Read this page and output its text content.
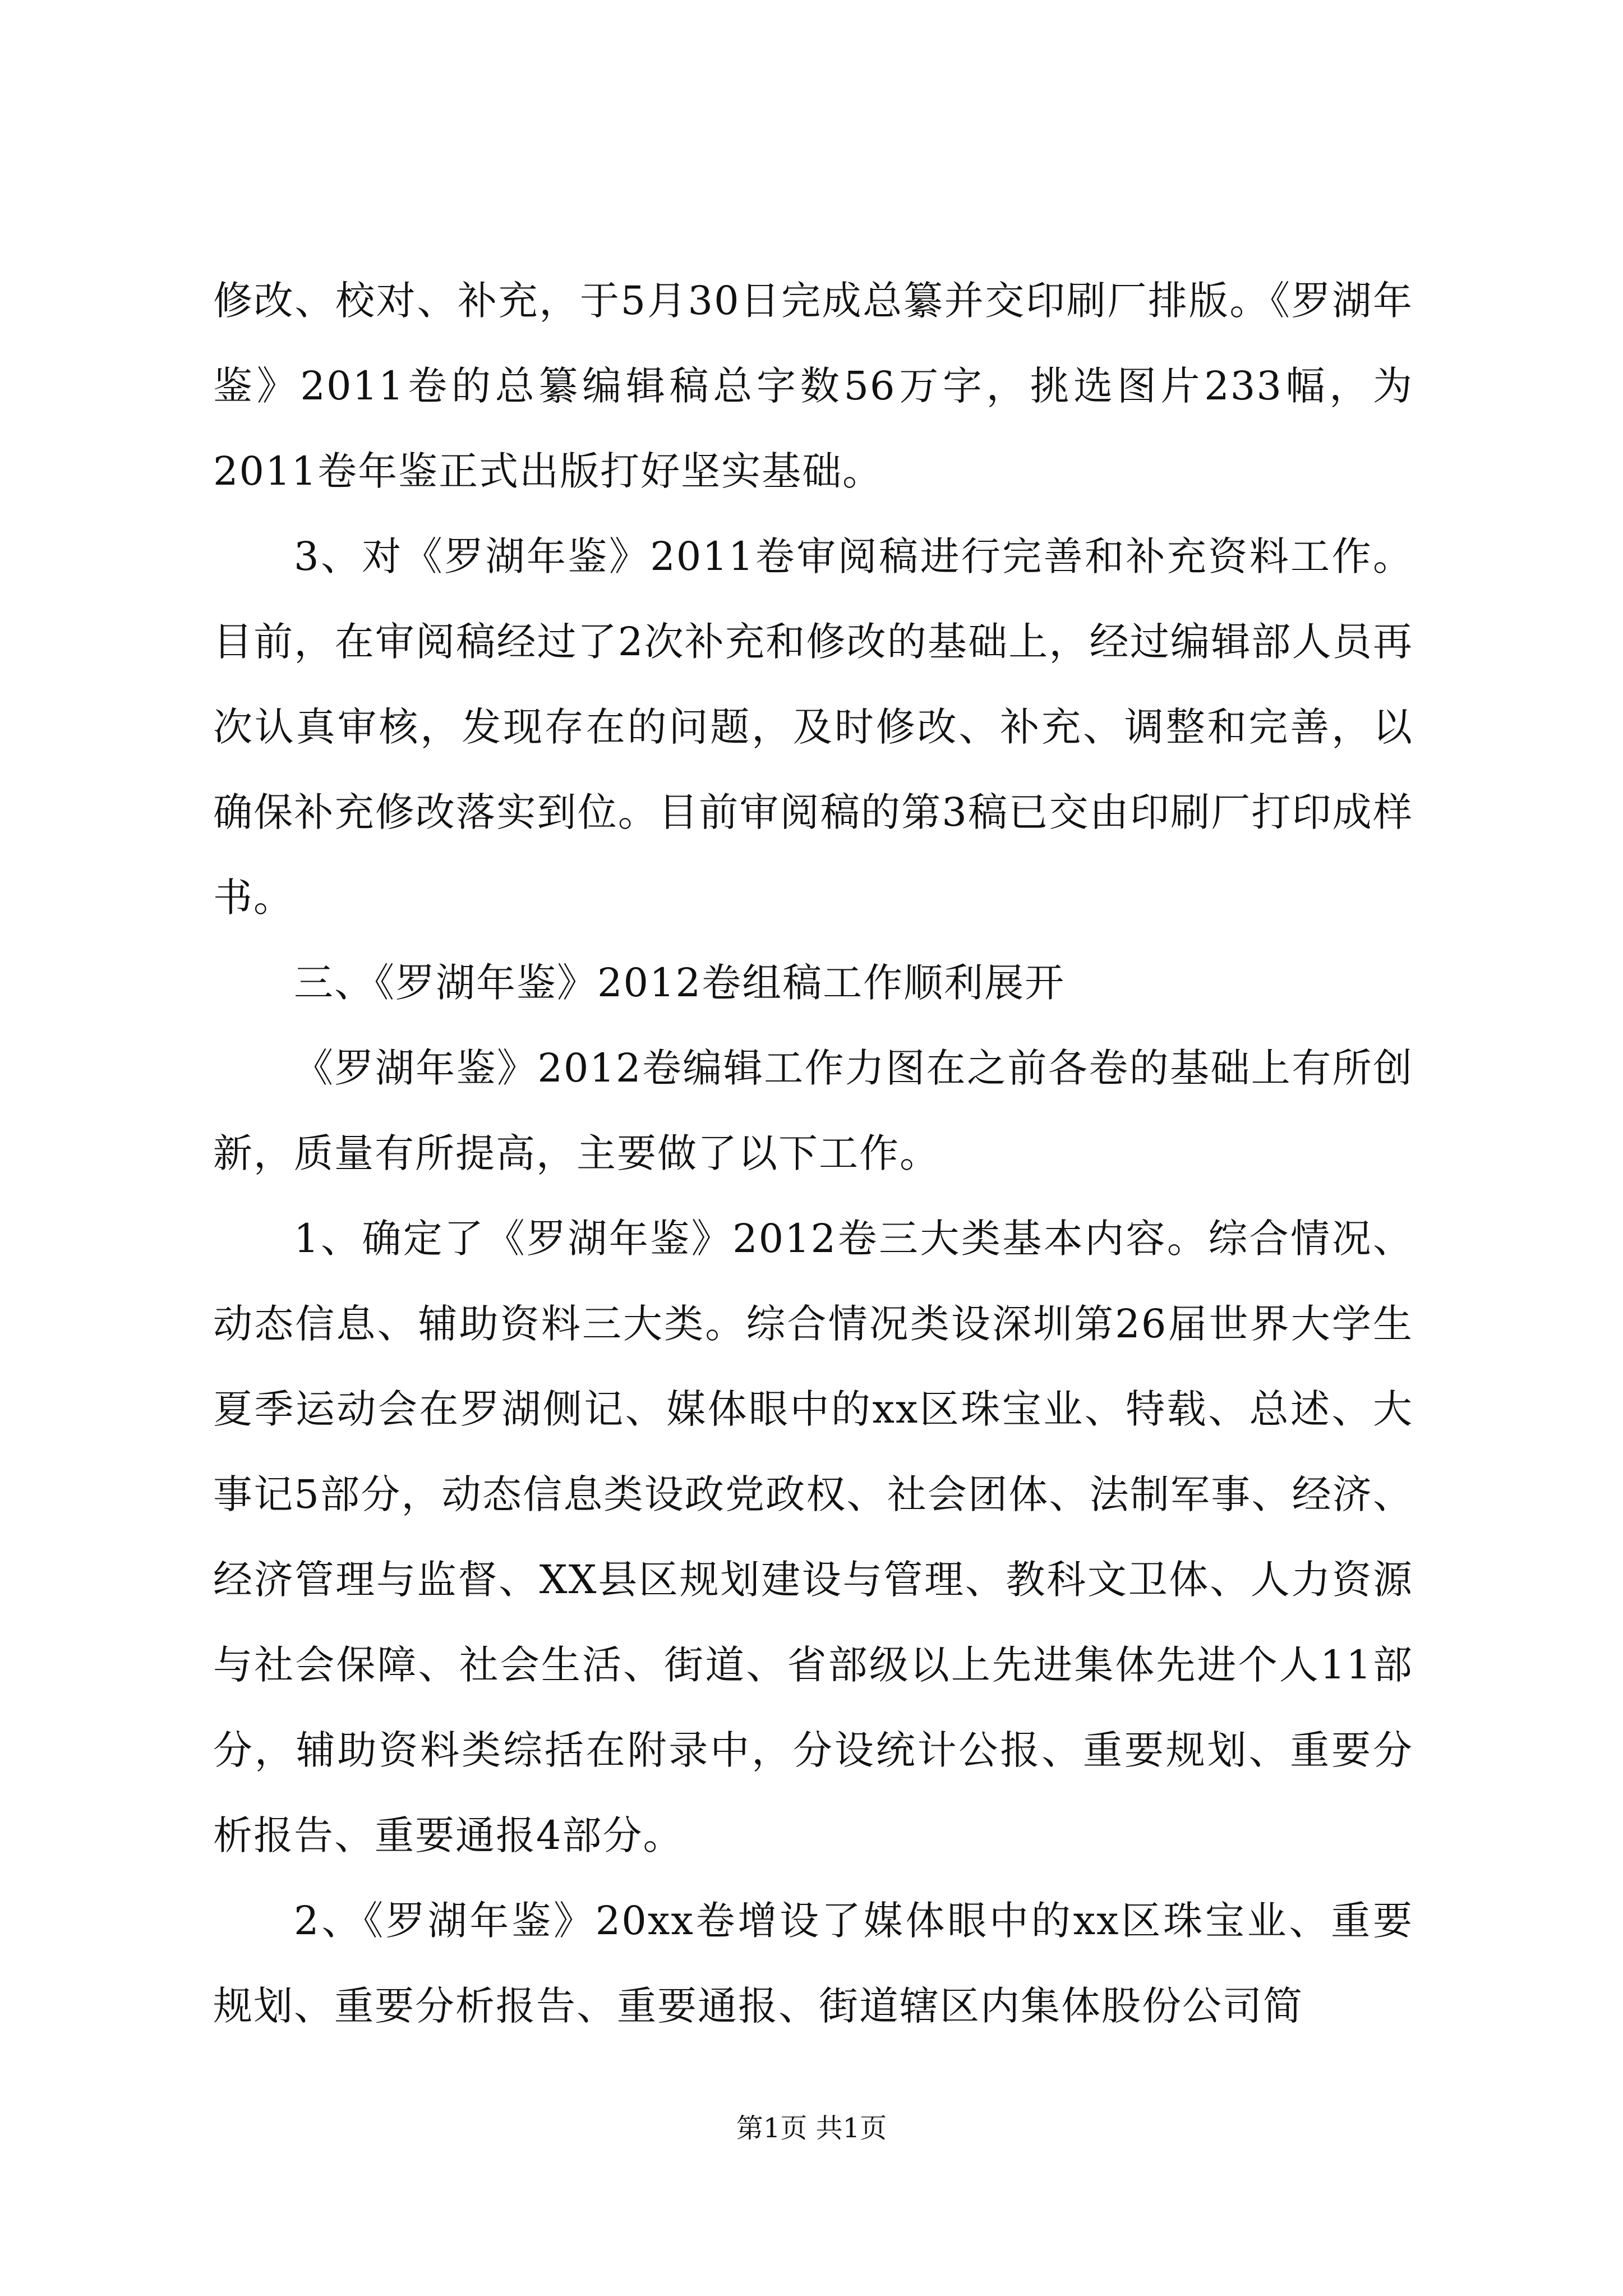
修改、校对、补充，于5月30日完成总纂并交印刷厂排版。《罗湖年鉴》2011卷的总纂编辑稿总字数56万字，挑选图片233幅，为2011卷年鉴正式出版打好坚实基础。

3、对《罗湖年鉴》2011卷审阅稿进行完善和补充资料工作。目前，在审阅稿经过了2次补充和修改的基础上，经过编辑部人员再次认真审核，发现存在的问题，及时修改、补充、调整和完善，以确保补充修改落实到位。目前审阅稿的第3稿已交由印刷厂打印成样书。

三、《罗湖年鉴》2012卷组稿工作顺利展开

《罗湖年鉴》2012卷编辑工作力图在之前各卷的基础上有所创新，质量有所提高，主要做了以下工作。

1、确定了《罗湖年鉴》2012卷三大类基本内容。综合情况、动态信息、辅助资料三大类。综合情况类设深圳第26届世界大学生夏季运动会在罗湖侧记、媒体眼中的xx区珠宝业、特载、总述、大事记5部分，动态信息类设政党政权、社会团体、法制军事、经济、经济管理与监督、XX县区规划建设与管理、教科文卫体、人力资源与社会保障、社会生活、街道、省部级以上先进集体先进个人11部分，辅助资料类综括在附录中，分设统计公报、重要规划、重要分析报告、重要通报4部分。

2、《罗湖年鉴》20xx卷增设了媒体眼中的xx区珠宝业、重要规划、重要分析报告、重要通报、街道辖区内集体股份公司简

第1页 共1页
